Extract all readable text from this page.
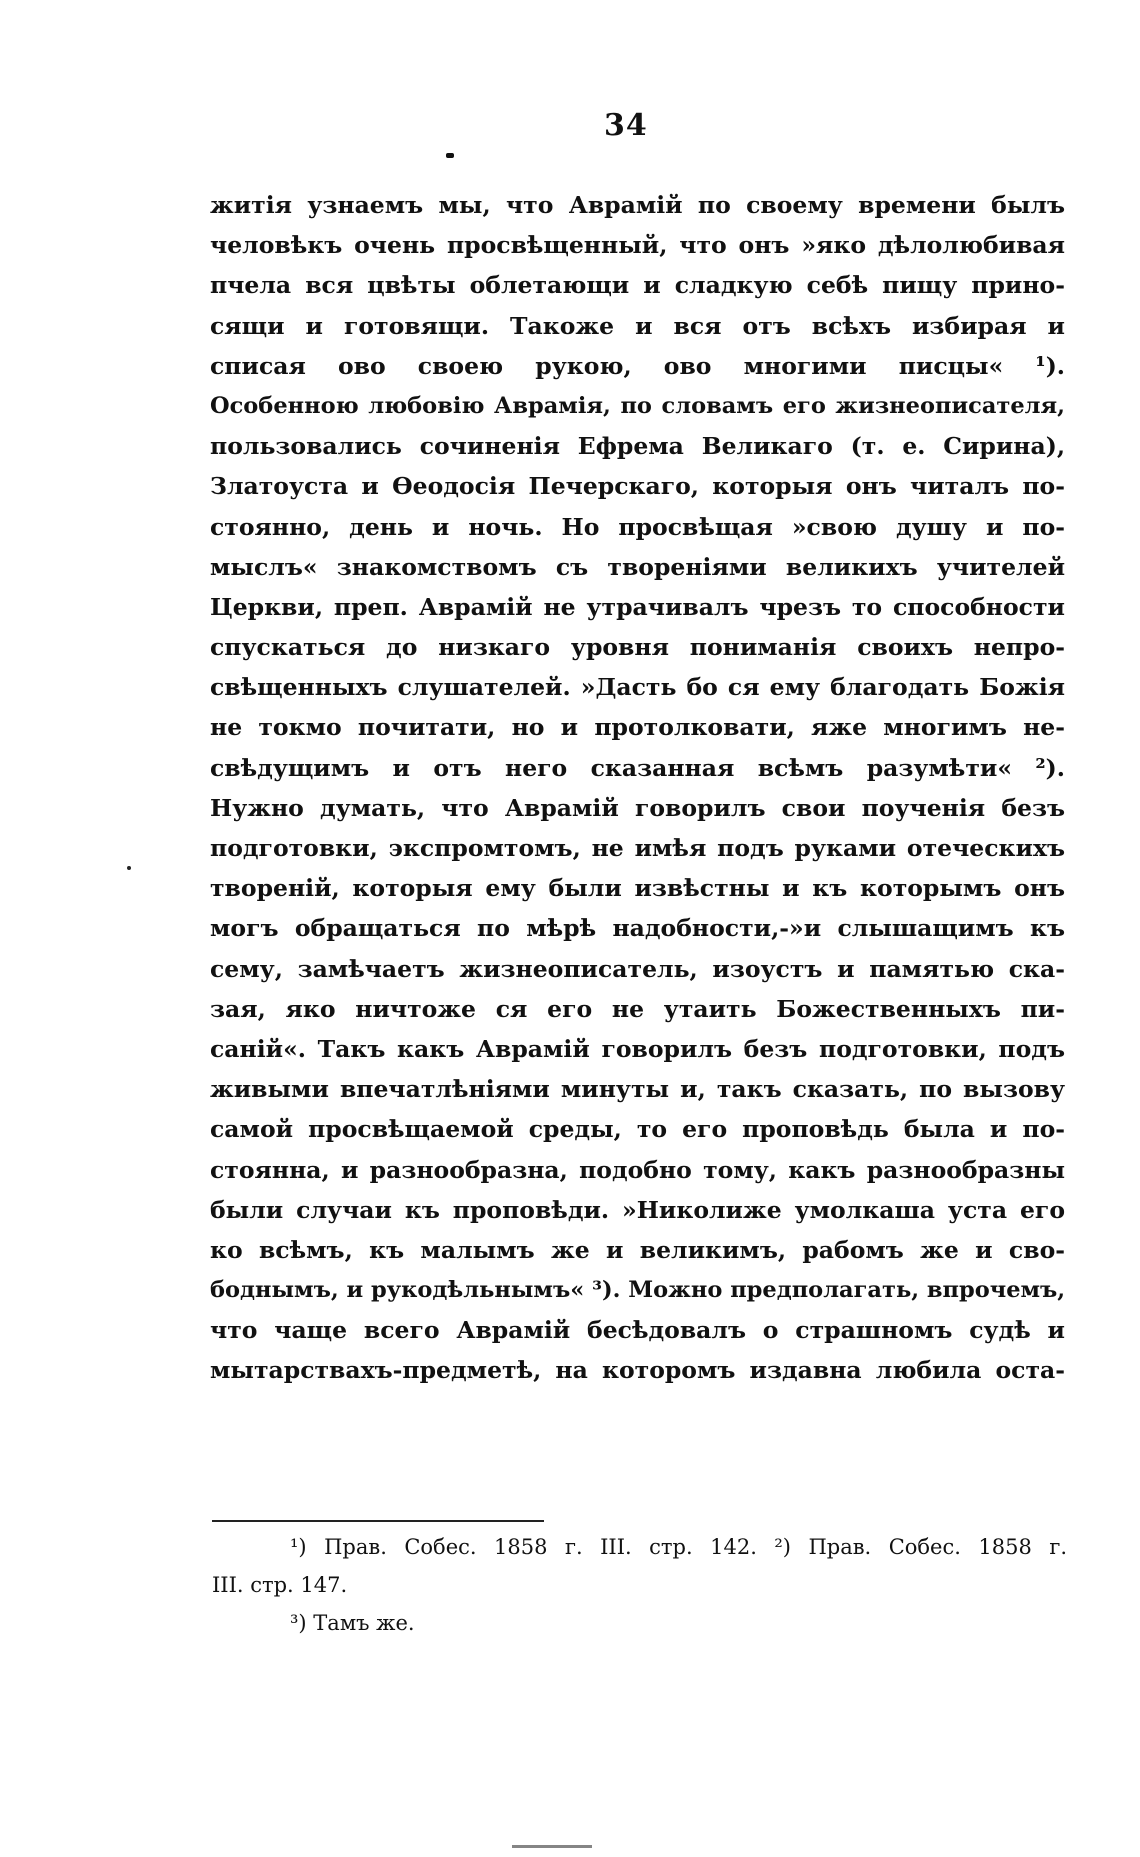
34
житія узнаемъ мы, что Аврамій по своему времени былъ
человѣкъ очень просвѣщенный, что онъ »яко дѣлолюбивая
пчела вся цвѣты облетающи и сладкую себѣ пищу прино-
сящи и готовящи. Такоже и вся отъ всѣхъ избирая и
списая ово своею рукою, ово многими писцы« ¹).
Особенною любовію Аврамія, по словамъ его жизнеописателя,
пользовались сочиненія Ефрема Великаго (т. е. Сирина),
Златоуста и Ѳеодосія Печерскаго, которыя онъ читалъ по-
стоянно, день и ночь. Но просвѣщая »свою душу и по-
мыслъ« знакомствомъ съ твореніями великихъ учителей
Церкви, преп. Аврамій не утрачивалъ чрезъ то способности
спускаться до низкаго уровня пониманія своихъ непро-
свѣщенныхъ слушателей. »Дасть бо ся ему благодать Божія
не токмо почитати, но и протолковати, яже многимъ не-
свѣдущимъ и отъ него сказанная всѣмъ разумѣти« ²).
Нужно думать, что Аврамій говорилъ свои поученія безъ
подготовки, экспромтомъ, не имѣя подъ руками отеческихъ
твореній, которыя ему были извѣстны и къ которымъ онъ
могъ обращаться по мѣрѣ надобности,-»и слышащимъ къ
сему, замѣчаетъ жизнеописатель, изоустъ и памятью ска-
зая, яко ничтоже ся его не утаить Божественныхъ пи-
саній«. Такъ какъ Аврамій говорилъ безъ подготовки, подъ
живыми впечатлѣніями минуты и, такъ сказать, по вызову
самой просвѣщаемой среды, то его проповѣдь была и по-
стоянна, и разнообразна, подобно тому, какъ разнообразны
были случаи къ проповѣди. »Николиже умолкаша уста его
ко всѣмъ, къ малымъ же и великимъ, рабомъ же и сво-
боднымъ, и рукодѣльнымъ« ³). Можно предполагать, впрочемъ,
что чаще всего Аврамій бесѣдовалъ о страшномъ судѣ и
мытарствахъ-предметѣ, на которомъ издавна любила оста-
¹) Прав. Собес. 1858 г. III. стр. 142. ²) Прав. Собес. 1858 г.
III. стр. 147.
³) Тамъ же.
